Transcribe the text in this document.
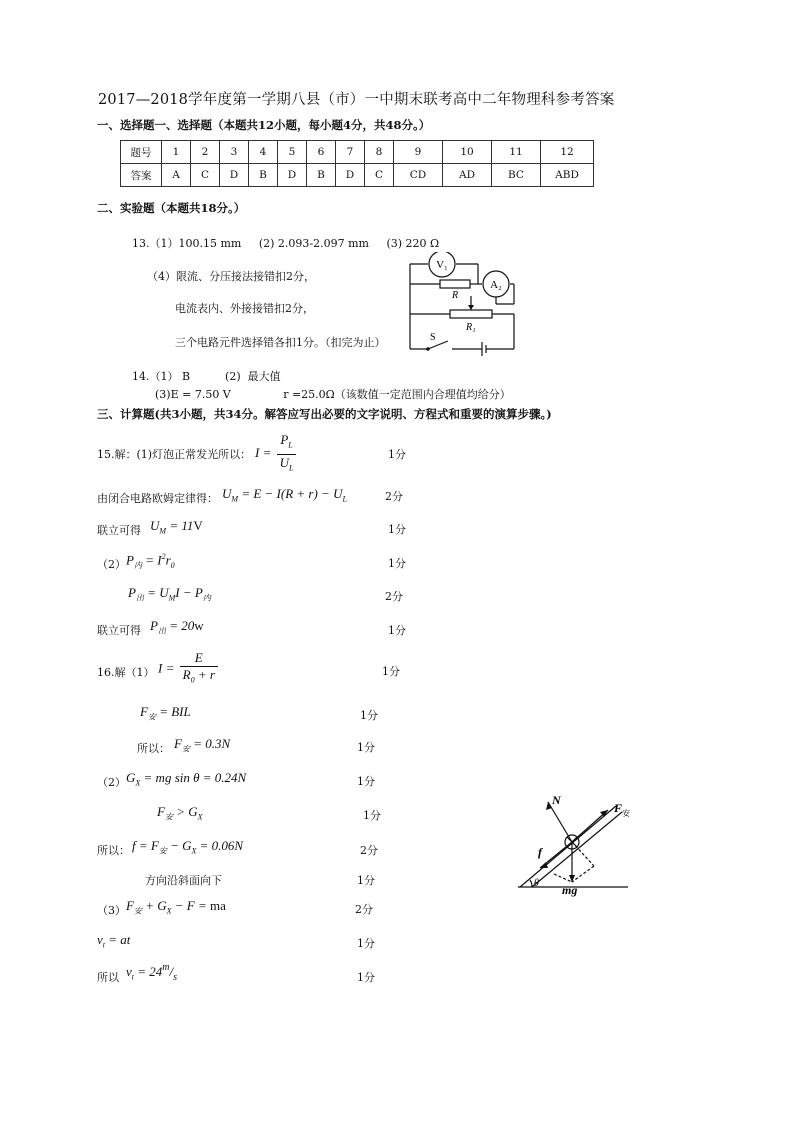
2017—2018学年度第一学期八县（市）一中期末联考高中二年物理科参考答案
一、选择题一、选择题（本题共12小题，每小题4分，共48分。）
题号	1	2	3	4	5	6	7	8	9	10	11	12
答案	A	C	D	B	D	B	D	C	CD	AD	BC	ABD
二、实验题（本题共18分。）
13.（1）100.15 mm     (2) 2.093-2.097 mm     (3) 220 Ω
（4）限流、分压接法接错扣2分，
电流表内、外接接错扣2分，
三个电路元件选择错各扣1分。（扣完为止）
V₁
A₂
R
R₁
S
14.（1） B          (2)  最大值
(3)E = 7.50 V               r =25.0Ω（该数值一定范围内合理值均给分）
三、计算题(共3小题，共34分。解答应写出必要的文字说明、方程式和重要的演算步骤。)
15.解：(1)灯泡正常发光所以： $I = \frac{P_L}{U_L}$	1分
由闭合电路欧姆定律得： $U_M = E - I(R + r) - U_L$	2分
联立可得 $U_M = 11V$	1分
（2） $P_内 = I^2r_0$	1分
$P_出 = U_MI - P_内$	2分
联立可得 $P_出 = 20w$	1分
16.解（1） $I = \frac{E}{R_0 + r}$	1分
$F_安$ = BIL	1分
所以： $F_安 = 0.3N$	1分
（2） $G_X$ = mg sin θ = 0.24N	1分
$F_安 > G_X$	1分
所以： $f = F_安 - G_X = 0.06N$	2分
方向沿斜面向下	1分
（3） $F_安 + G_X - F$ = ma	2分
$v_t$ = at	1分
所以 $v_t = 24^m/_s$	1分
N
F 安
f
θ mg
